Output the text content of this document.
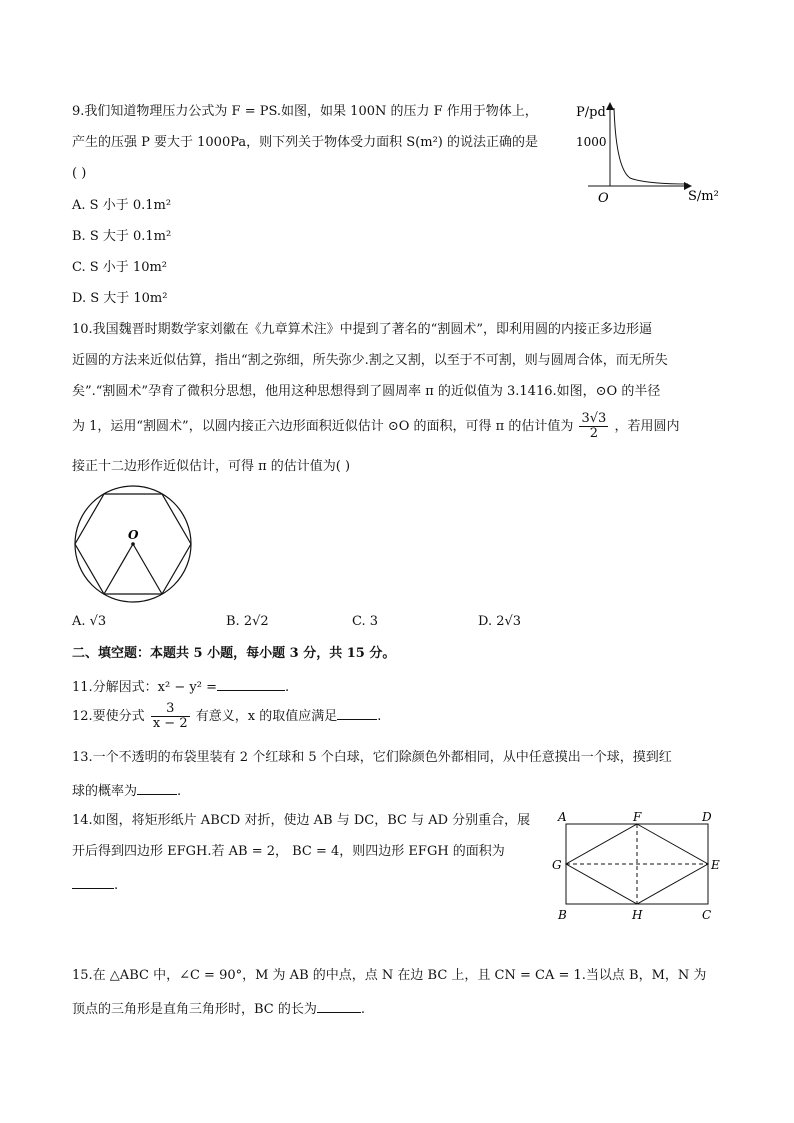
9.我们知道物理压力公式为 F = PS.如图，如果 100N 的压力 F 作用于物体上，
产生的压强 P 要大于 1000Pa，则下列关于物体受力面积 S(m²) 的说法正确的是
( )
A. S 小于 0.1m²
B. S 大于 0.1m²
C. S 小于 10m²
D. S 大于 10m²
P/pd
1000
O	S/m²
10.我国魏晋时期数学家刘徽在《九章算术注》中提到了著名的“割圆术”，即利用圆的内接正多边形逼
近圆的方法来近似估算，指出“割之弥细，所失弥少.割之又割，以至于不可割，则与圆周合体，而无所失
矣”.“割圆术”孕育了微积分思想，他用这种思想得到了圆周率 π 的近似值为 3.1416.如图，⊙O 的半径
为 1，运用“割圆术”，以圆内接正六边形面积近似估计 ⊙O 的面积，可得 π 的估计值为 $\frac{3√3}{2}$ ，若用圆内
接正十二边形作近似估计，可得 π 的估计值为( )
O
A. √3	B. 2√2	C. 3	D. 2√3
二、填空题：本题共 5 小题，每小题 3 分，共 15 分。
11.分解因式：x² − y² =	.
12.要使分式 $\frac{3}{x - 2}$ 有意义，x 的取值应满足	.
13.一个不透明的布袋里装有 2 个红球和 5 个白球，它们除颜色外都相同，从中任意摸出一个球，摸到红
球的概率为	.
14.如图，将矩形纸片 ABCD 对折，使边 AB 与 DC，BC 与 AD 分别重合，展
开后得到四边形 EFGH.若 AB = 2， BC = 4，则四边形 EFGH 的面积为
.
A	F	D
G	E
B	H	C
15.在 △ABC 中，∠C = 90°，M 为 AB 的中点，点 N 在边 BC 上，且 CN = CA = 1.当以点 B，M，N 为
顶点的三角形是直角三角形时，BC 的长为	.
